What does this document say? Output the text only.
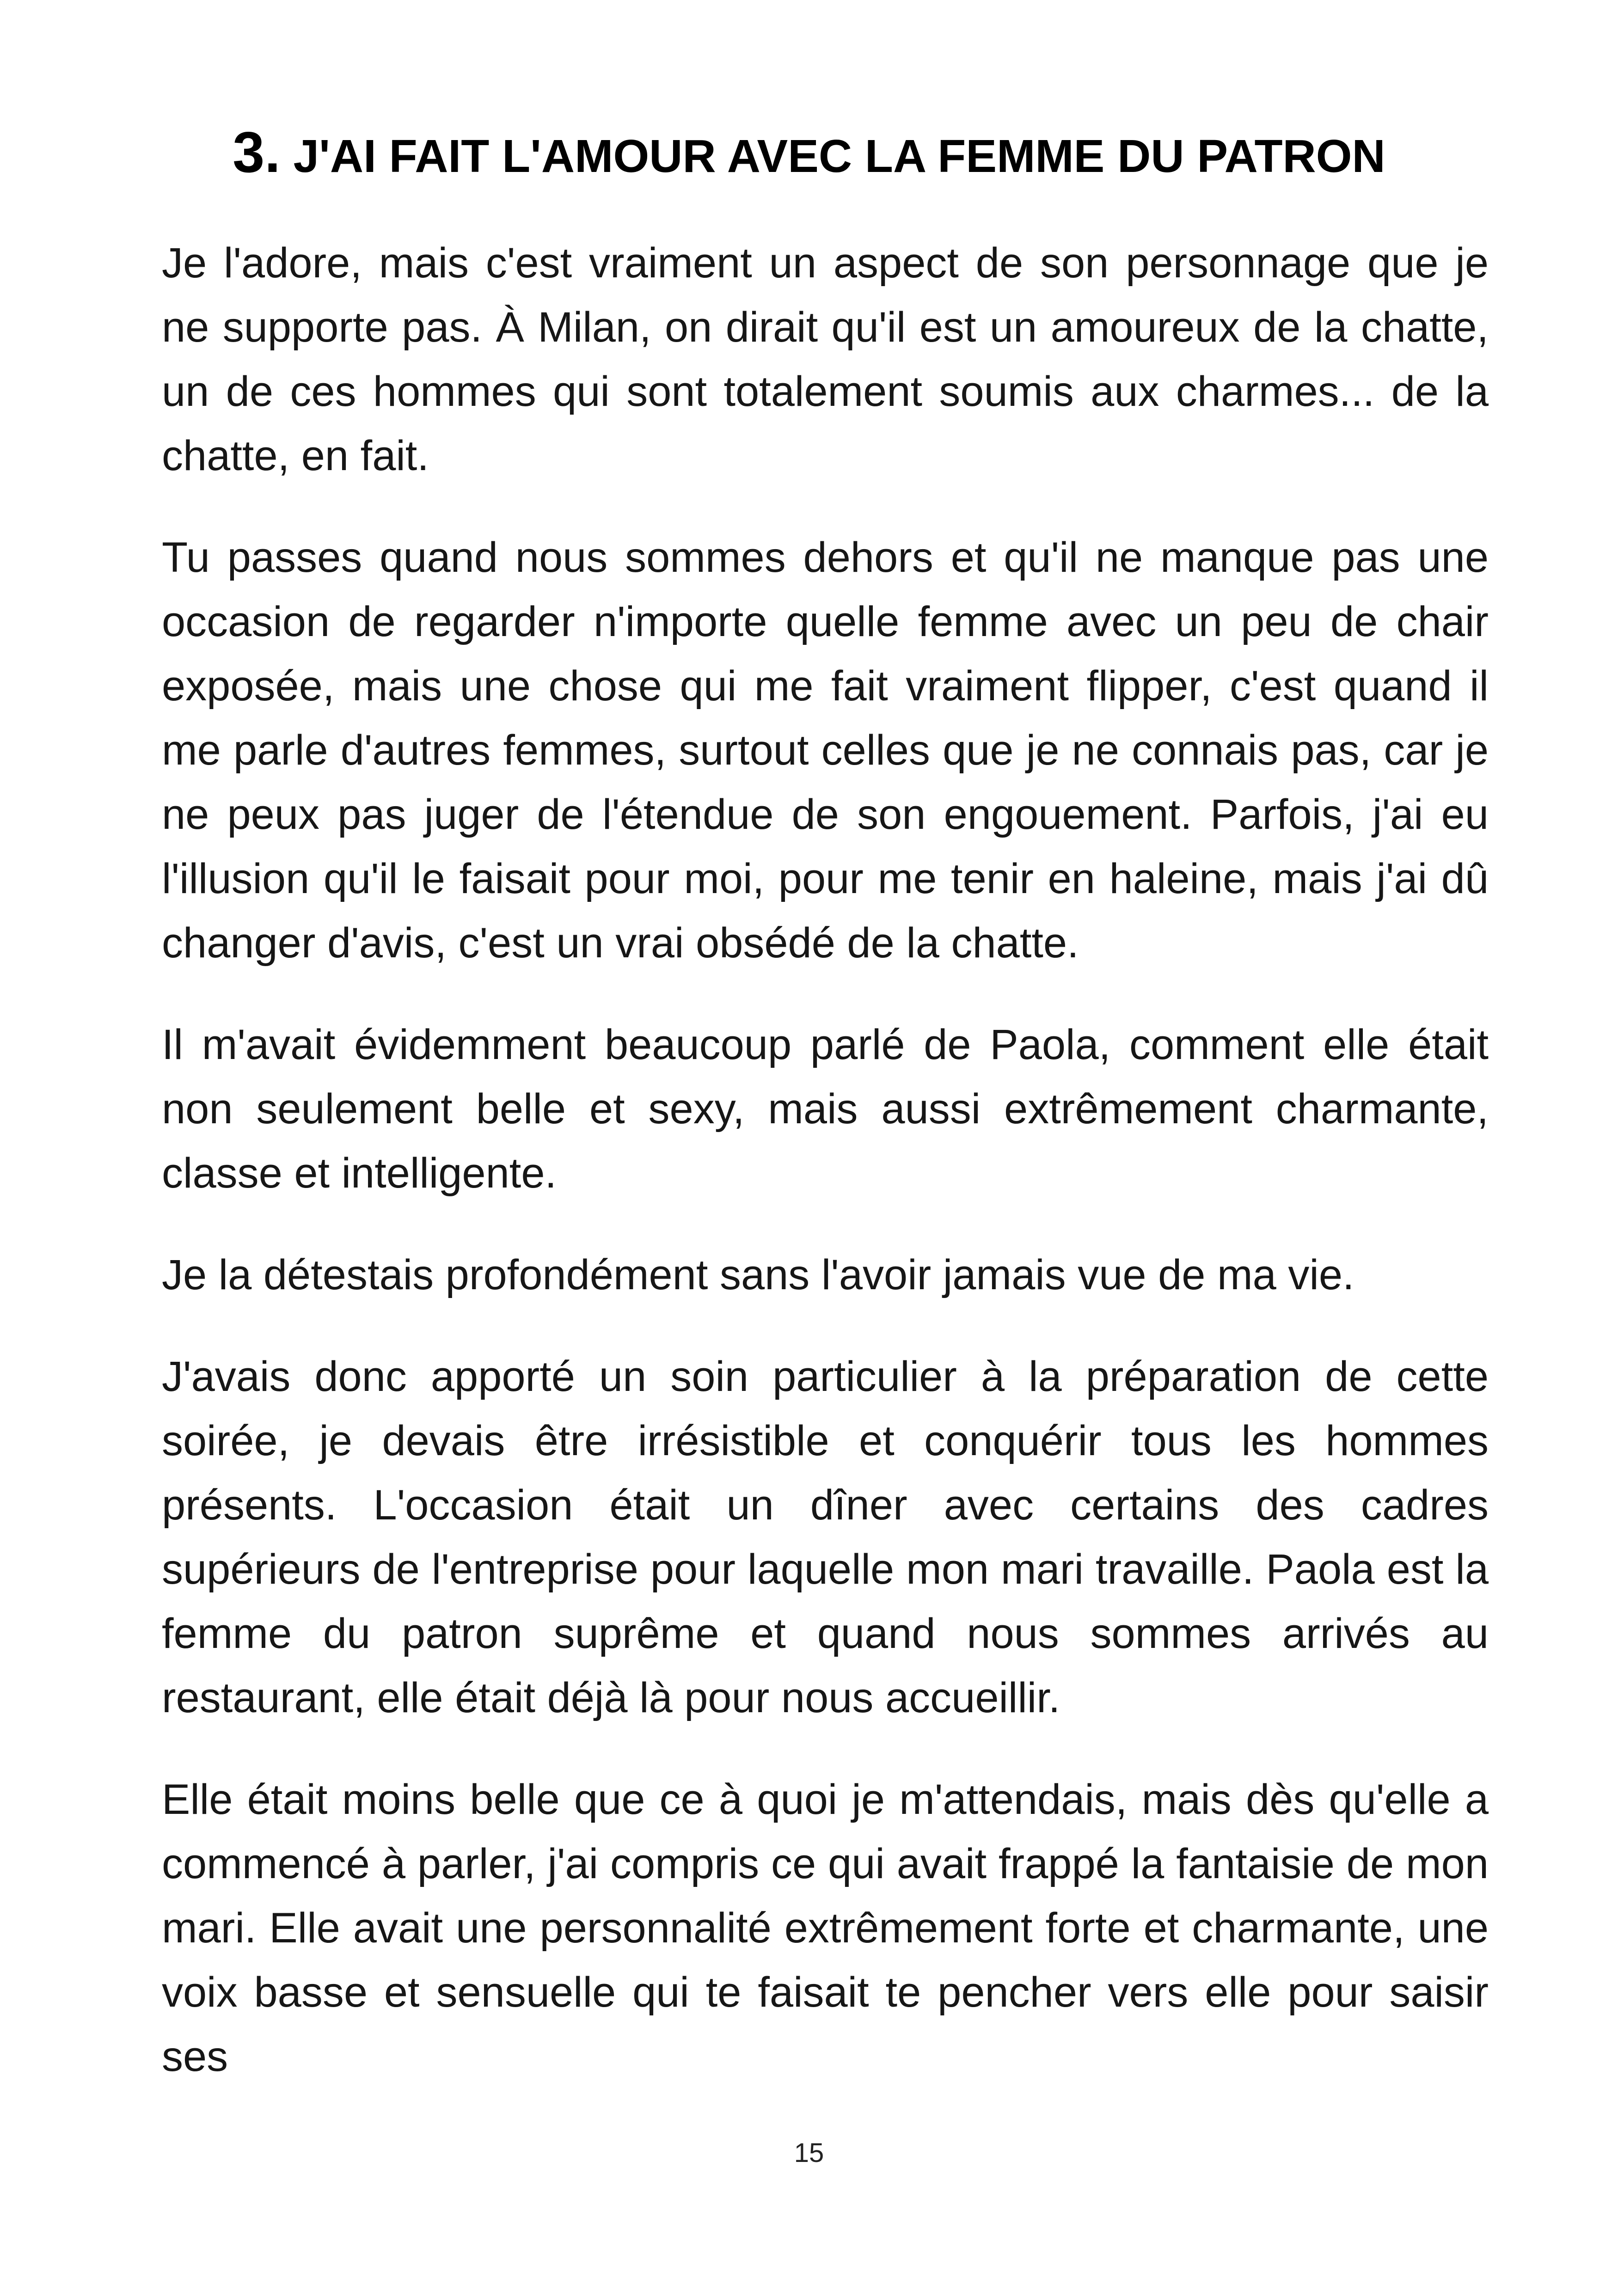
3. J'AI FAIT L'AMOUR AVEC LA FEMME DU PATRON

Je l'adore, mais c'est vraiment un aspect de son personnage que je ne supporte pas. À Milan, on dirait qu'il est un amoureux de la chatte, un de ces hommes qui sont totalement soumis aux charmes... de la chatte, en fait.

Tu passes quand nous sommes dehors et qu'il ne manque pas une occasion de regarder n'importe quelle femme avec un peu de chair exposée, mais une chose qui me fait vraiment flipper, c'est quand il me parle d'autres femmes, surtout celles que je ne connais pas, car je ne peux pas juger de l'étendue de son engouement. Parfois, j'ai eu l'illusion qu'il le faisait pour moi, pour me tenir en haleine, mais j'ai dû changer d'avis, c'est un vrai obsédé de la chatte.

Il m'avait évidemment beaucoup parlé de Paola, comment elle était non seulement belle et sexy, mais aussi extrêmement charmante, classe et intelligente.

Je la détestais profondément sans l'avoir jamais vue de ma vie.

J'avais donc apporté un soin particulier à la préparation de cette soirée, je devais être irrésistible et conquérir tous les hommes présents. L'occasion était un dîner avec certains des cadres supérieurs de l'entreprise pour laquelle mon mari travaille. Paola est la femme du patron suprême et quand nous sommes arrivés au restaurant, elle était déjà là pour nous accueillir.

Elle était moins belle que ce à quoi je m'attendais, mais dès qu'elle a commencé à parler, j'ai compris ce qui avait frappé la fantaisie de mon mari. Elle avait une personnalité extrêmement forte et charmante, une voix basse et sensuelle qui te faisait te pencher vers elle pour saisir ses

15
